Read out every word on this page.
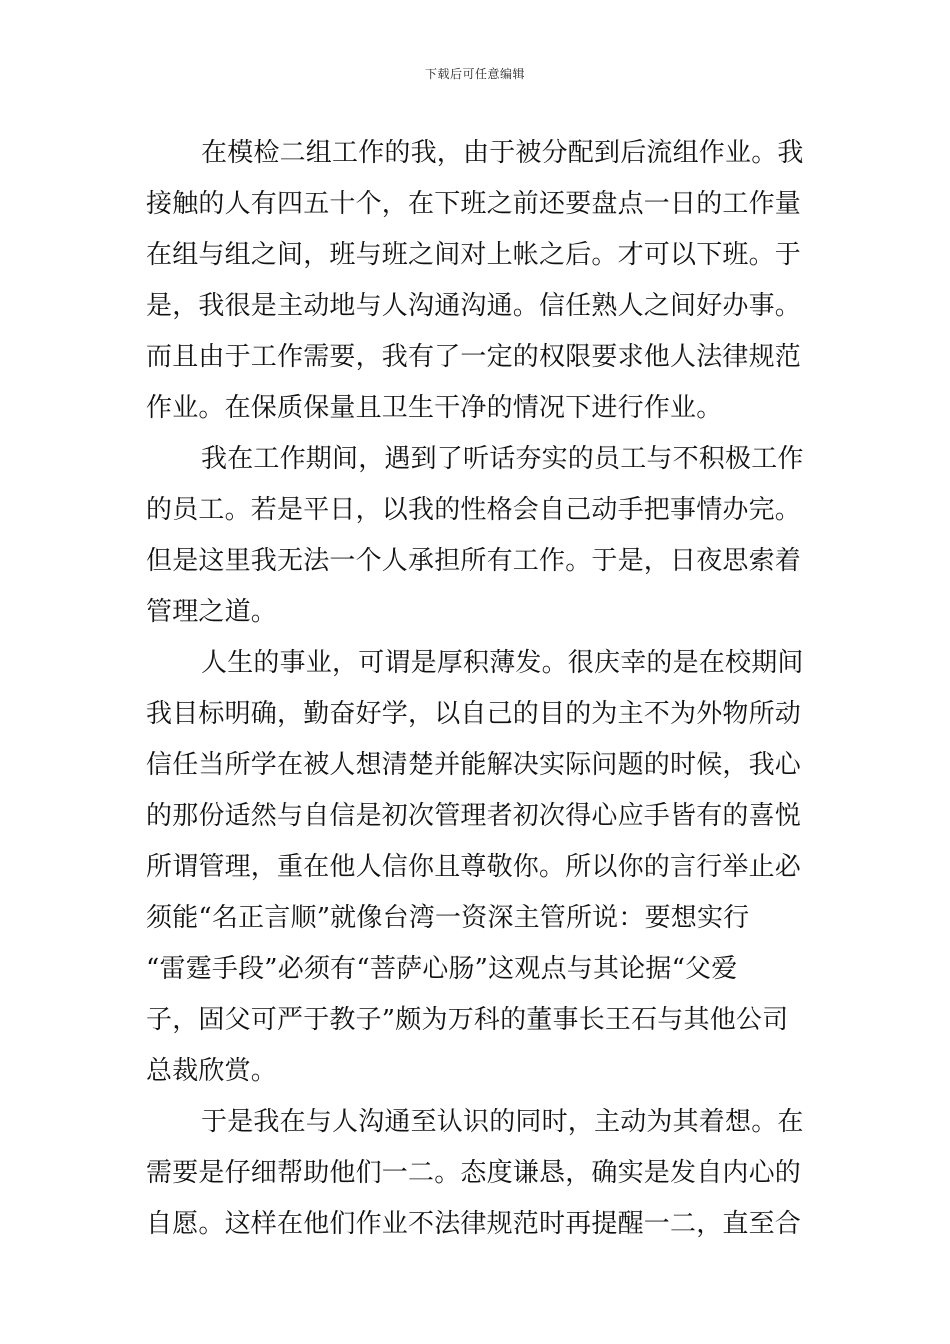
下载后可任意编辑
在模检二组工作的我，由于被分配到后流组作业。我
接触的人有四五十个，在下班之前还要盘点一日的工作量
在组与组之间，班与班之间对上帐之后。才可以下班。于
是，我很是主动地与人沟通沟通。信任熟人之间好办事。
而且由于工作需要，我有了一定的权限要求他人法律规范
作业。在保质保量且卫生干净的情况下进行作业。
我在工作期间，遇到了听话夯实的员工与不积极工作
的员工。若是平日，以我的性格会自己动手把事情办完。
但是这里我无法一个人承担所有工作。于是，日夜思索着
管理之道。
人生的事业，可谓是厚积薄发。很庆幸的是在校期间
我目标明确，勤奋好学，以自己的目的为主不为外物所动
信任当所学在被人想清楚并能解决实际问题的时候，我心
的那份适然与自信是初次管理者初次得心应手皆有的喜悦
所谓管理，重在他人信你且尊敬你。所以你的言行举止必
须能“名正言顺”就像台湾一资深主管所说：要想实行
“雷霆手段”必须有“菩萨心肠”这观点与其论据“父爱
子，固父可严于教子”颇为万科的董事长王石与其他公司
总裁欣赏。
于是我在与人沟通至认识的同时，主动为其着想。在
需要是仔细帮助他们一二。态度谦恳，确实是发自内心的
自愿。这样在他们作业不法律规范时再提醒一二，直至合
